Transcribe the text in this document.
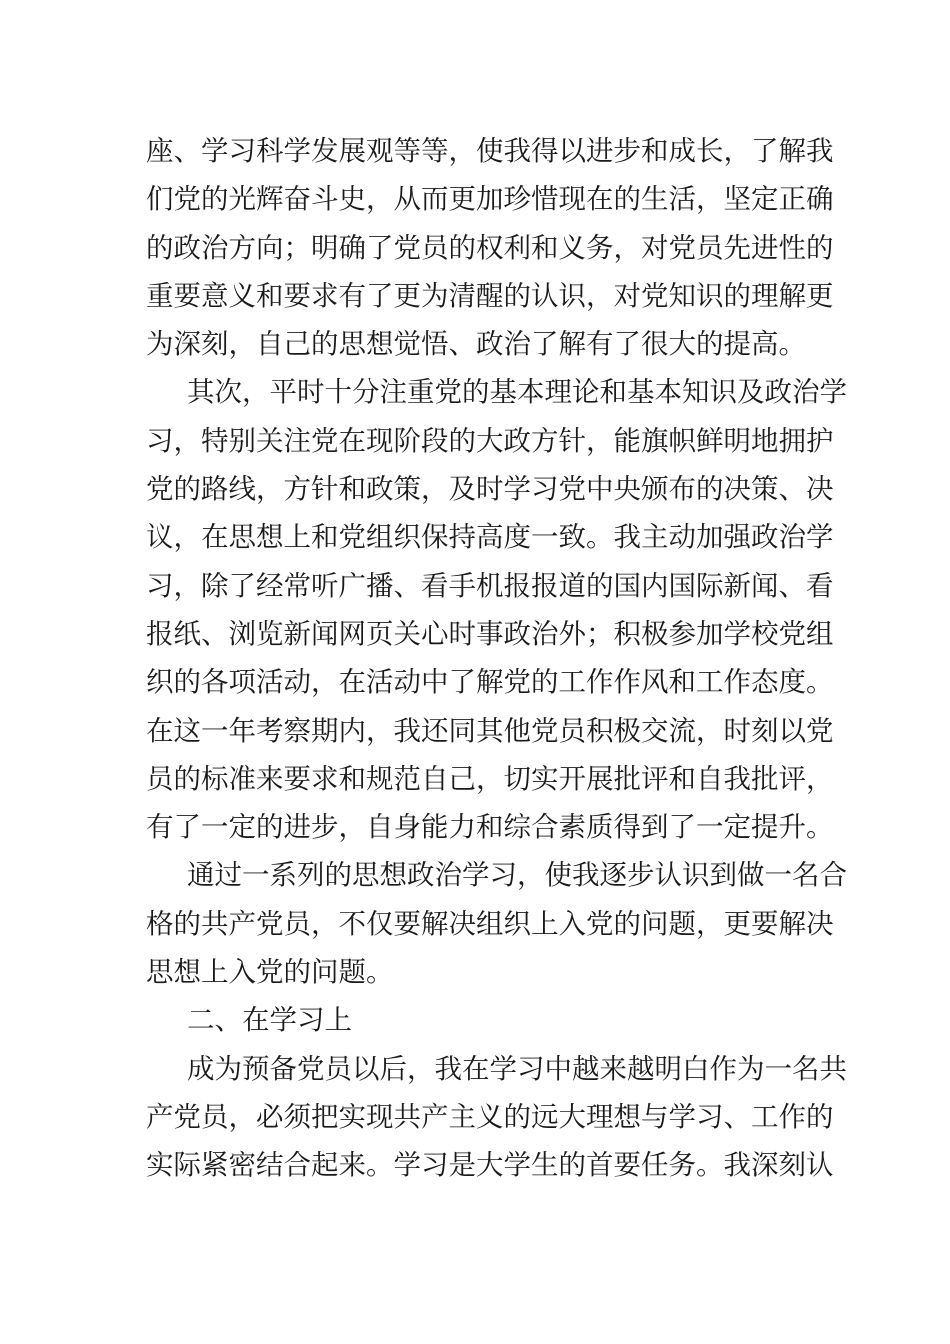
座、学习科学发展观等等，使我得以进步和成长，了解我
们党的光辉奋斗史，从而更加珍惜现在的生活，坚定正确
的政治方向；明确了党员的权利和义务，对党员先进性的
重要意义和要求有了更为清醒的认识，对党知识的理解更
为深刻，自己的思想觉悟、政治了解有了很大的提高。
其次，平时十分注重党的基本理论和基本知识及政治学
习，特别关注党在现阶段的大政方针，能旗帜鲜明地拥护
党的路线，方针和政策，及时学习党中央颁布的决策、决
议，在思想上和党组织保持高度一致。我主动加强政治学
习，除了经常听广播、看手机报报道的国内国际新闻、看
报纸、浏览新闻网页关心时事政治外；积极参加学校党组
织的各项活动，在活动中了解党的工作作风和工作态度。
在这一年考察期内，我还同其他党员积极交流，时刻以党
员的标准来要求和规范自己，切实开展批评和自我批评，
有了一定的进步，自身能力和综合素质得到了一定提升。
通过一系列的思想政治学习，使我逐步认识到做一名合
格的共产党员，不仅要解决组织上入党的问题，更要解决
思想上入党的问题。
二、在学习上
成为预备党员以后，我在学习中越来越明白作为一名共
产党员，必须把实现共产主义的远大理想与学习、工作的
实际紧密结合起来。学习是大学生的首要任务。我深刻认
